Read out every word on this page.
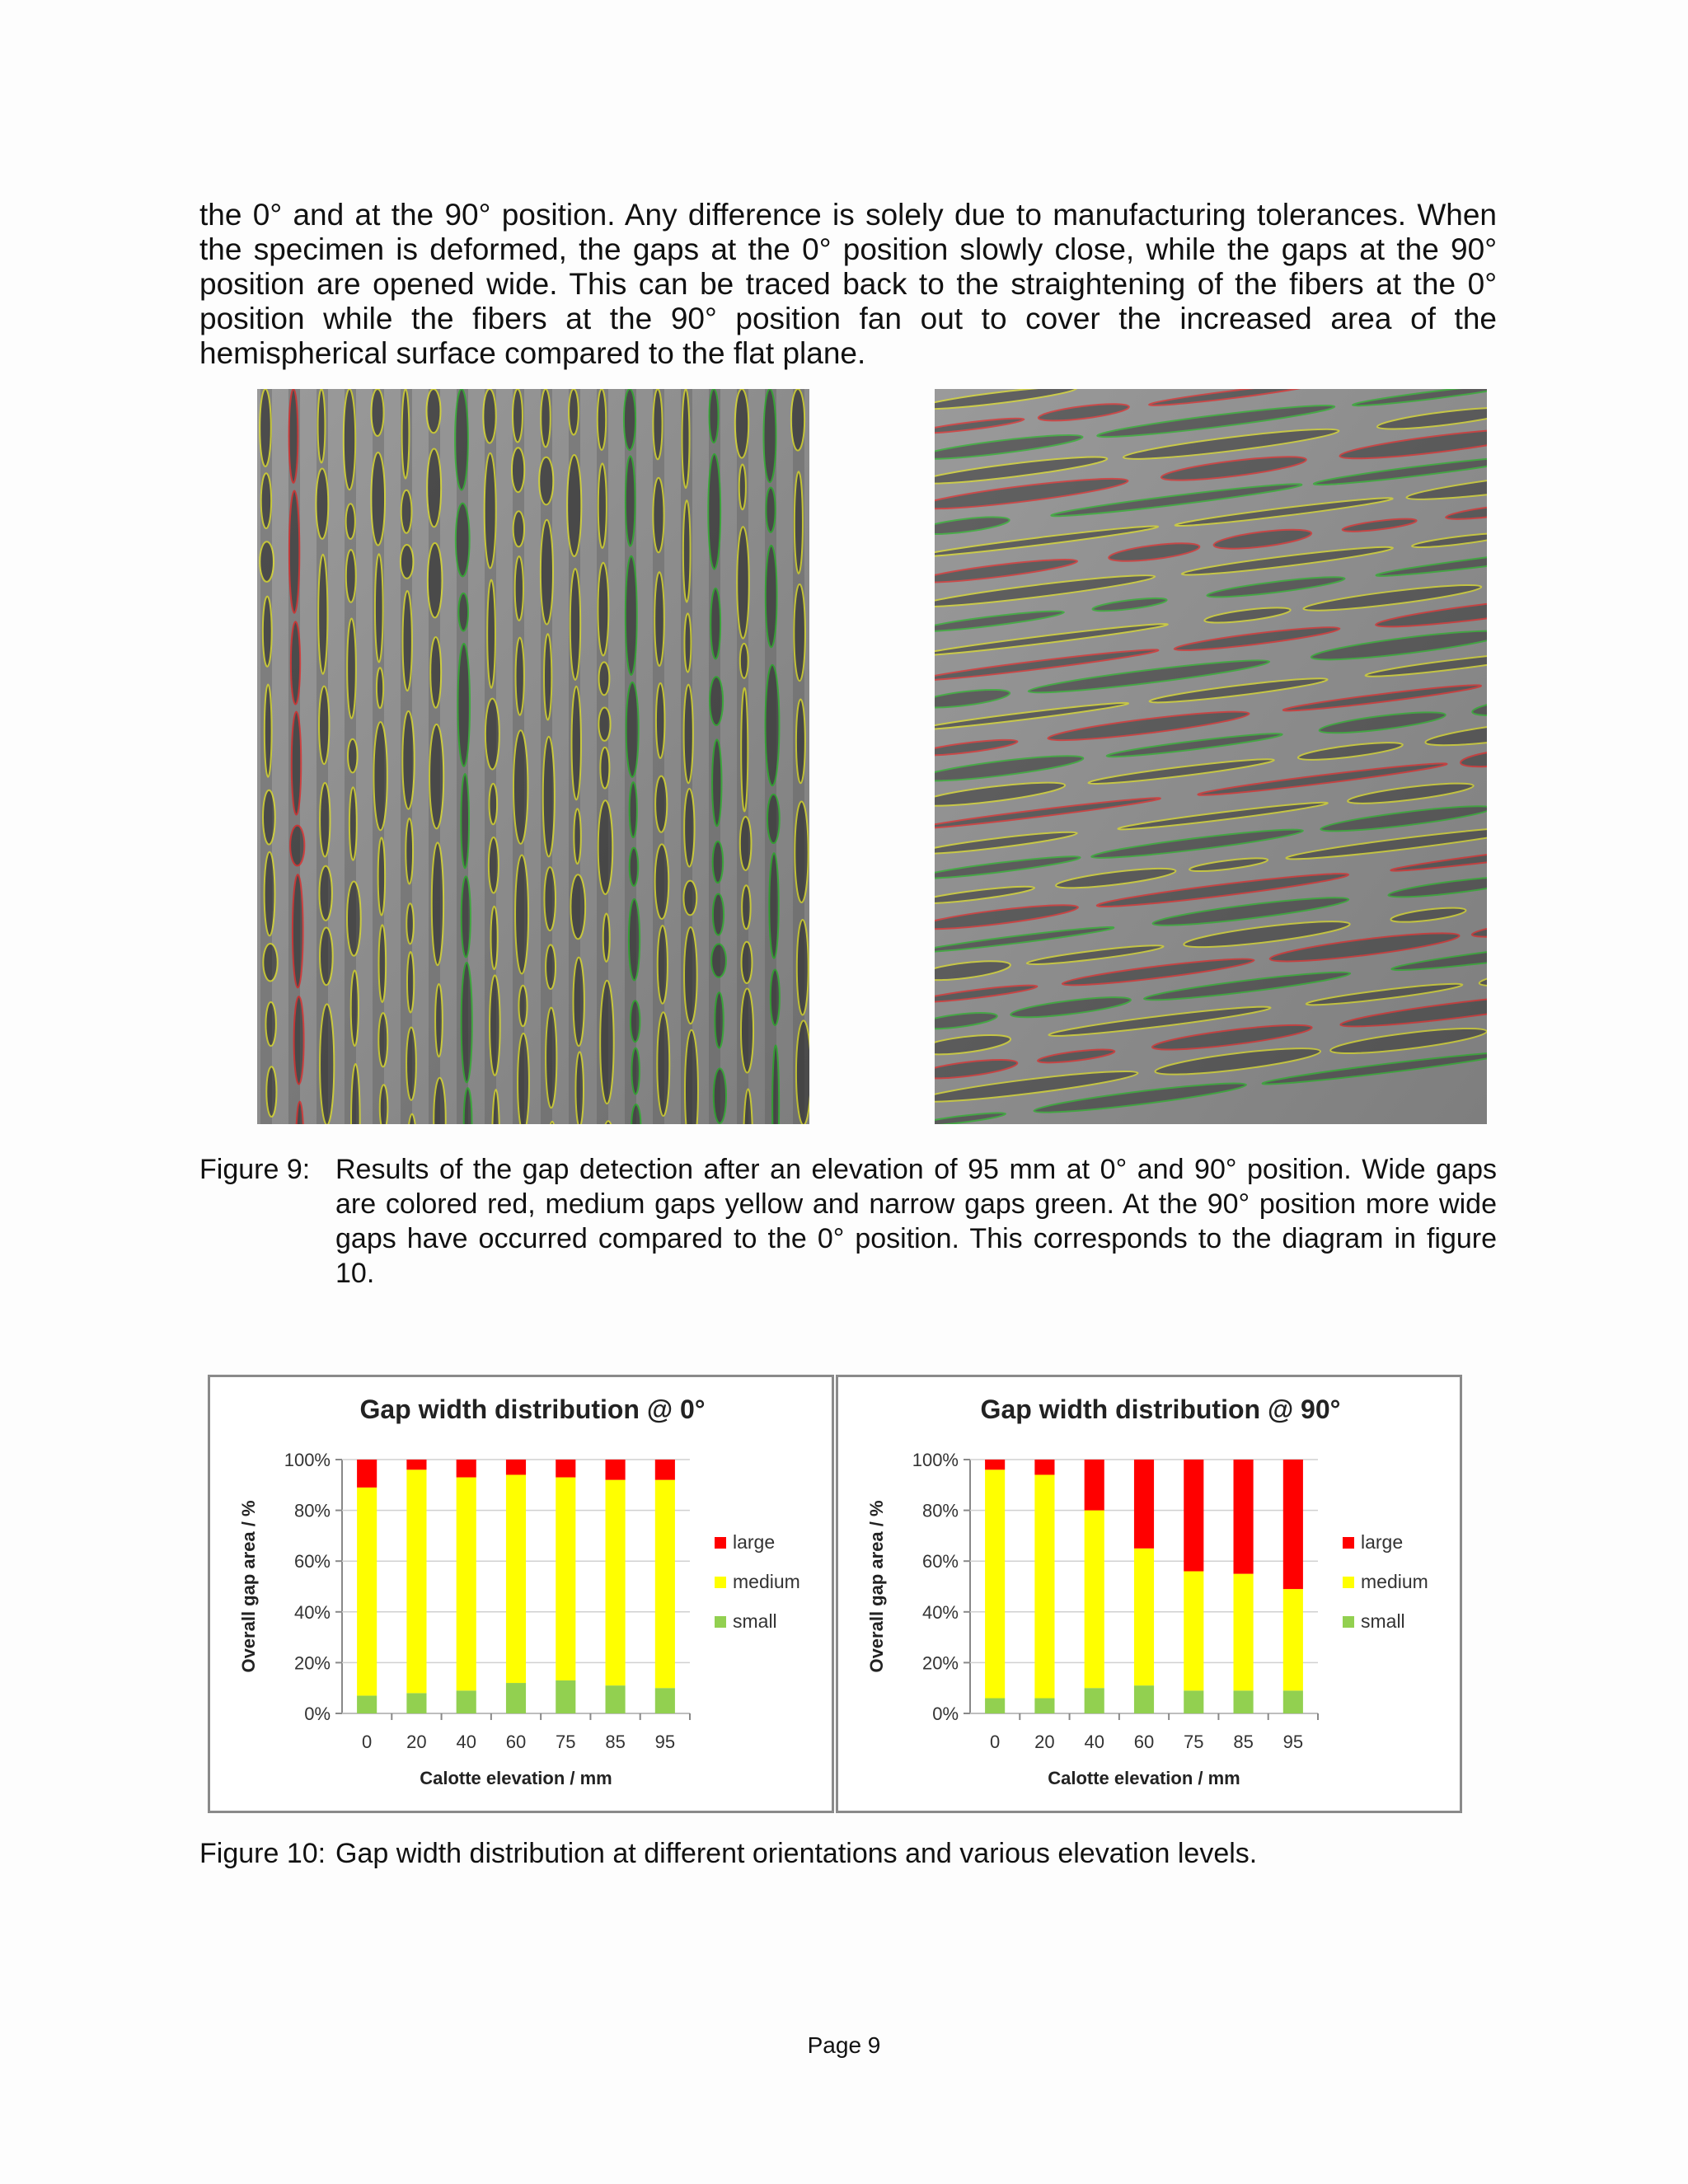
the 0° and at the 90° position. Any difference is solely due to manufacturing tolerances. When the specimen is deformed, the gaps at the 0° position slowly close, while the gaps at the 90° position are opened wide. This can be traced back to the straightening of the fibers at the 0° position while the fibers at the 90° position fan out to cover the increased area of the hemispherical surface compared to the flat plane.

Figure 9: Results of the gap detection after an elevation of 95 mm at 0° and 90° position. Wide gaps are colored red, medium gaps yellow and narrow gaps green. At the 90° position more wide gaps have occurred compared to the 0° position. This corresponds to the diagram in figure 10.
Gap width distribution @ 0°
0%
20%
40%
60%
80%
100%
Overall gap area / %
0 20 40 60 75 85 95
Calotte elevation / mm
large
medium
small
Gap width distribution @ 90°
0%
20%
40%
60%
80%
100%
Overall gap area / %
0 20 40 60 75 85 95
Calotte elevation / mm
large
medium
small
Figure 10: Gap width distribution at different orientations and various elevation levels.
Page 9
